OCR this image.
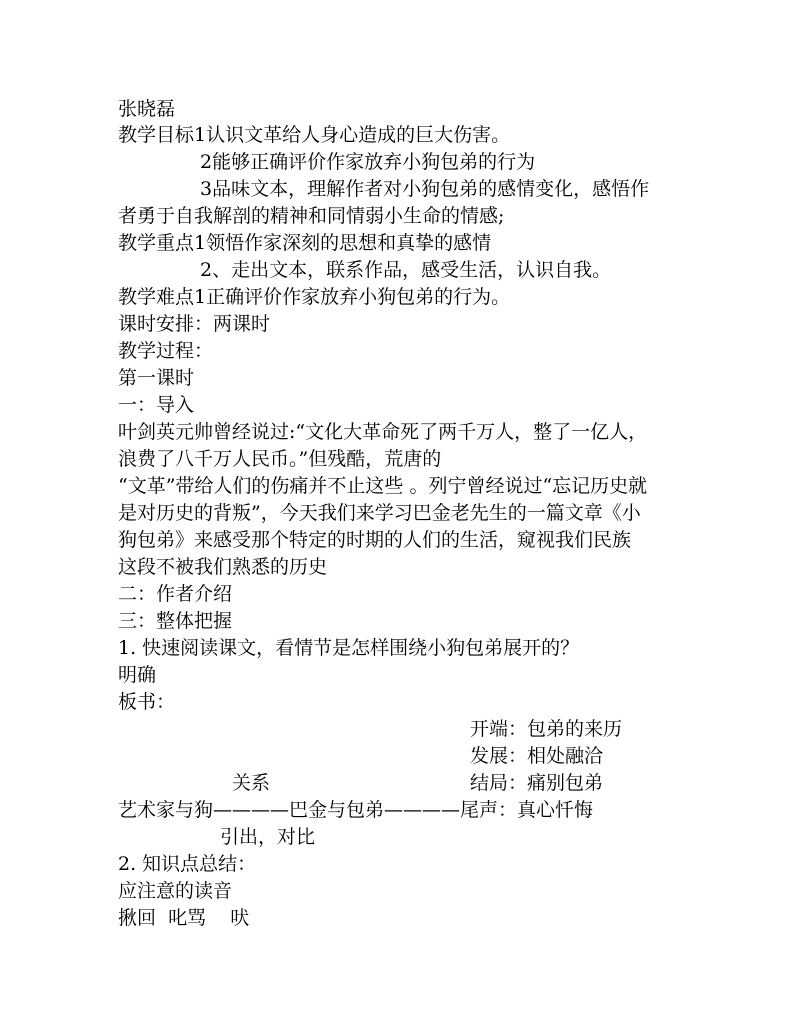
张晓磊
教学目标1认识文革给人身心造成的巨大伤害。
2能够正确评价作家放弃小狗包弟的行为
3品味文本，理解作者对小狗包弟的感情变化，感悟作
者勇于自我解剖的精神和同情弱小生命的情感;
教学重点1领悟作家深刻的思想和真挚的感情
2、走出文本，联系作品，感受生活，认识自我。
教学难点1正确评价作家放弃小狗包弟的行为。
课时安排：两课时
教学过程：
第一课时
一：导入
叶剑英元帅曾经说过:“文化大革命死了两千万人，整了一亿人，
浪费了八千万人民币。”但残酷，荒唐的
“文革”带给人们的伤痛并不止这些 。列宁曾经说过“忘记历史就
是对历史的背叛”，今天我们来学习巴金老先生的一篇文章《小
狗包弟》来感受那个特定的时期的人们的生活，窥视我们民族
这段不被我们熟悉的历史
二：作者介绍
三：整体把握
1. 快速阅读课文，看情节是怎样围绕小狗包弟展开的？
明确
板书：
开端：包弟的来历
发展：相处融洽
关系	结局：痛别包弟
艺术家与狗————巴金与包弟————尾声：真心忏悔
引出，对比
2. 知识点总结：
应注意的读音
揪回  叱骂    吠
